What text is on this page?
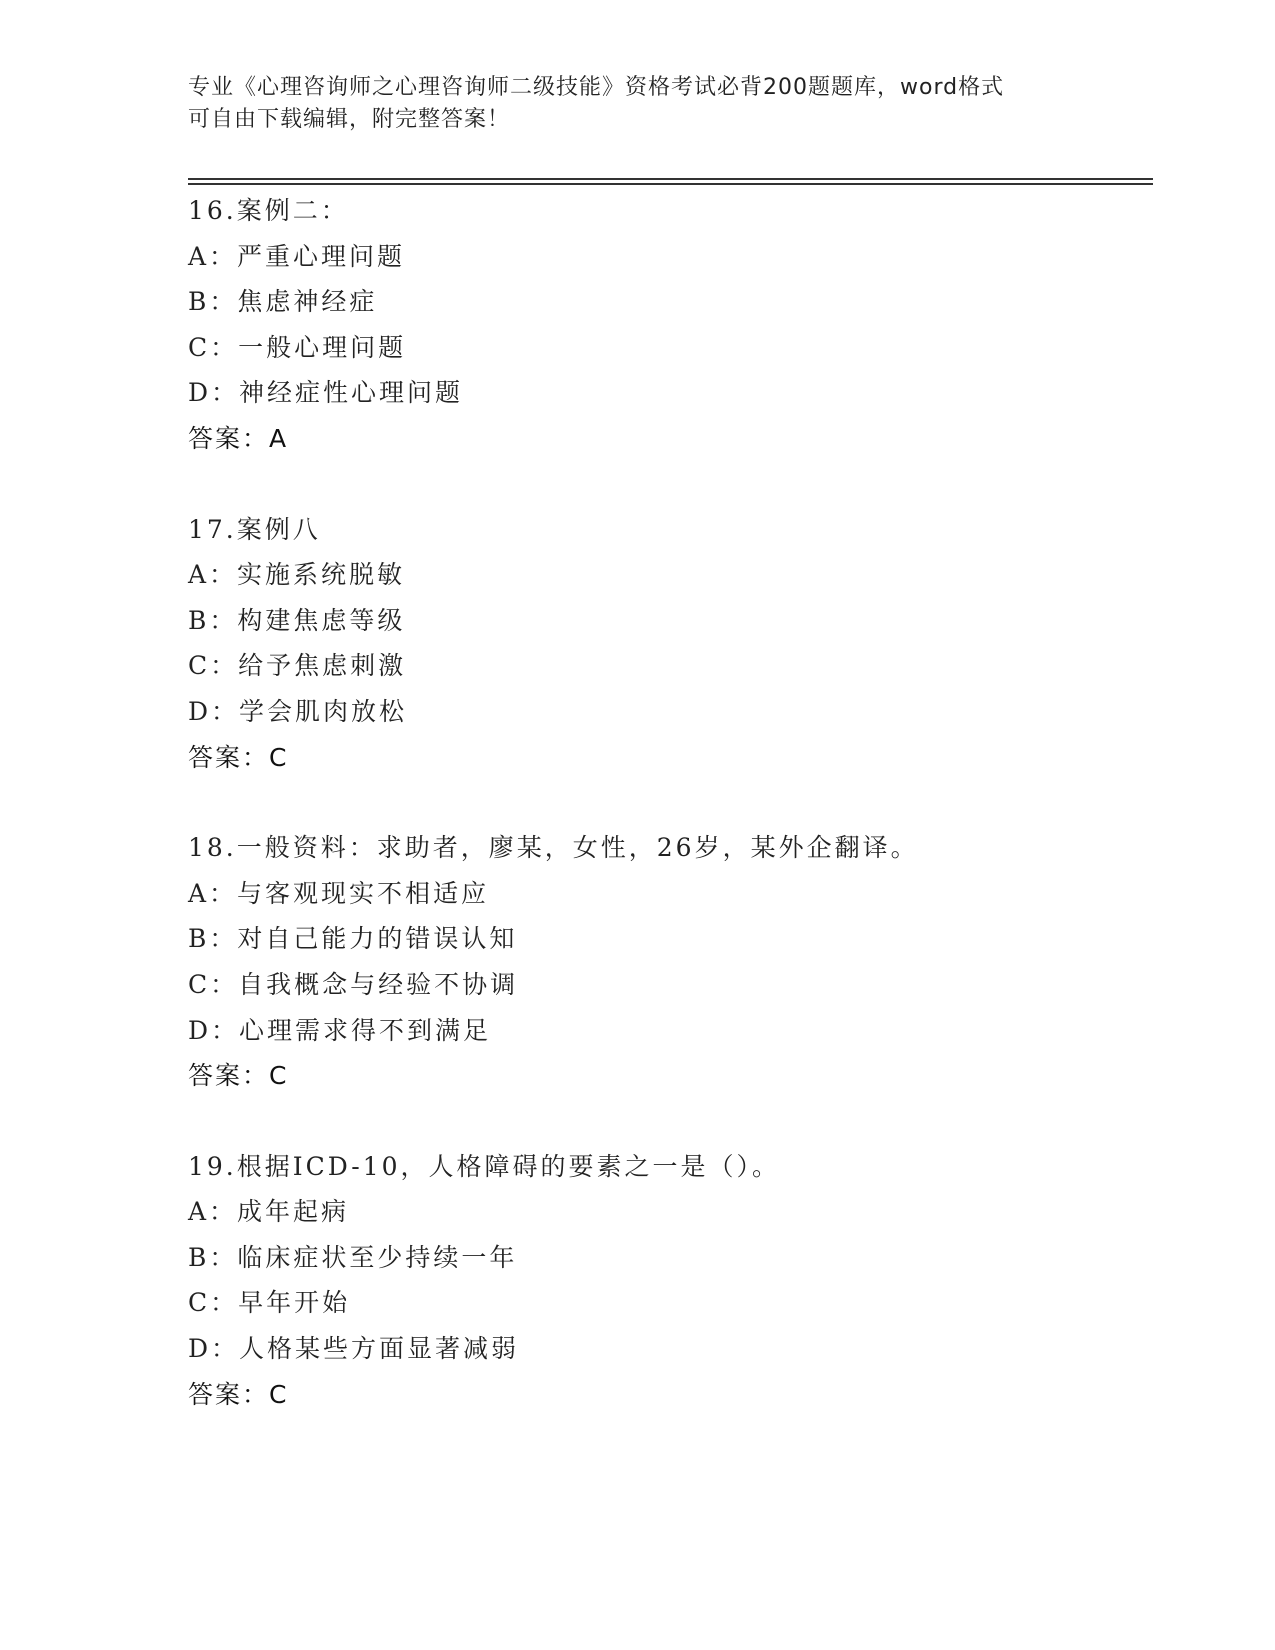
专业《心理咨询师之心理咨询师二级技能》资格考试必背200题题库，word格式
可自由下载编辑，附完整答案！
16.案例二：
A：严重心理问题
B：焦虑神经症
C：一般心理问题
D：神经症性心理问题
答案：A
17.案例八
A：实施系统脱敏
B：构建焦虑等级
C：给予焦虑刺激
D：学会肌肉放松
答案：C
18.一般资料：求助者，廖某，女性，26岁，某外企翻译。
A：与客观现实不相适应
B：对自己能力的错误认知
C：自我概念与经验不协调
D：心理需求得不到满足
答案：C
19.根据ICD-10，人格障碍的要素之一是（）。
A：成年起病
B：临床症状至少持续一年
C：早年开始
D：人格某些方面显著减弱
答案：C
